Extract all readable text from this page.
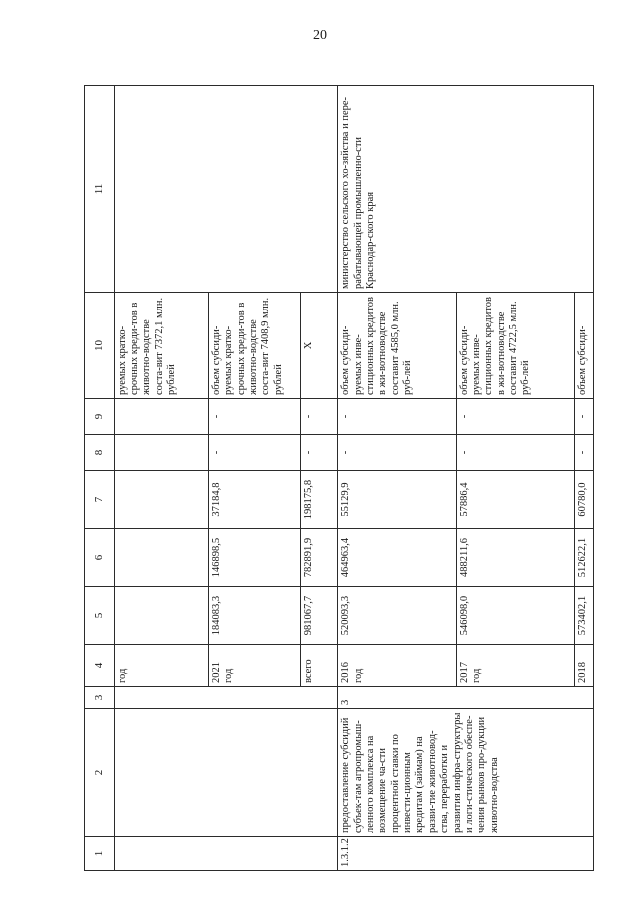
20
1	2	3	4	5	6	7	8	9	10	11
			год						руемых кратко-срочных креди-тов в животно-водстве соста-вит 7372,1 млн. рублей	
			2021 год	184083,3	146898,5	37184,8	-	-	объем субсиди-руемых кратко-срочных креди-тов в животно-водстве соста-вит 7408,9 млн. рублей	
			всего	981067,7	782891,9	198175,8	-	-	X	
1.3.1.2	предоставление субсидий субъек-там агропромыш-ленного комплекса на возмещение ча-сти процентной ставки по инвести-ционным кредитам (займам) на разви-тие животновод-ства, переработки и развития инфра-структуры и логи-стического обеспе-чения рынков про-дукции животно-водства	3	2016 год	520093,3	464963,4	55129,9	-	-	объем субсиди-руемых инве-стиционных кредитов в жи-вотноводстве составит 4585,0 млн. руб-лей	министерство сельского хо-зяйства и пере-рабатывающей промышленно-сти Краснодар-ского края
			2017 год	546098,0	488211,6	57886,4	-	-	объем субсиди-руемых инве-стиционных кредитов в жи-вотноводстве составит 4722,5 млн. руб-лей	
			2018	573402,1	512622,1	60780,0	-	-	объем субсиди-	
